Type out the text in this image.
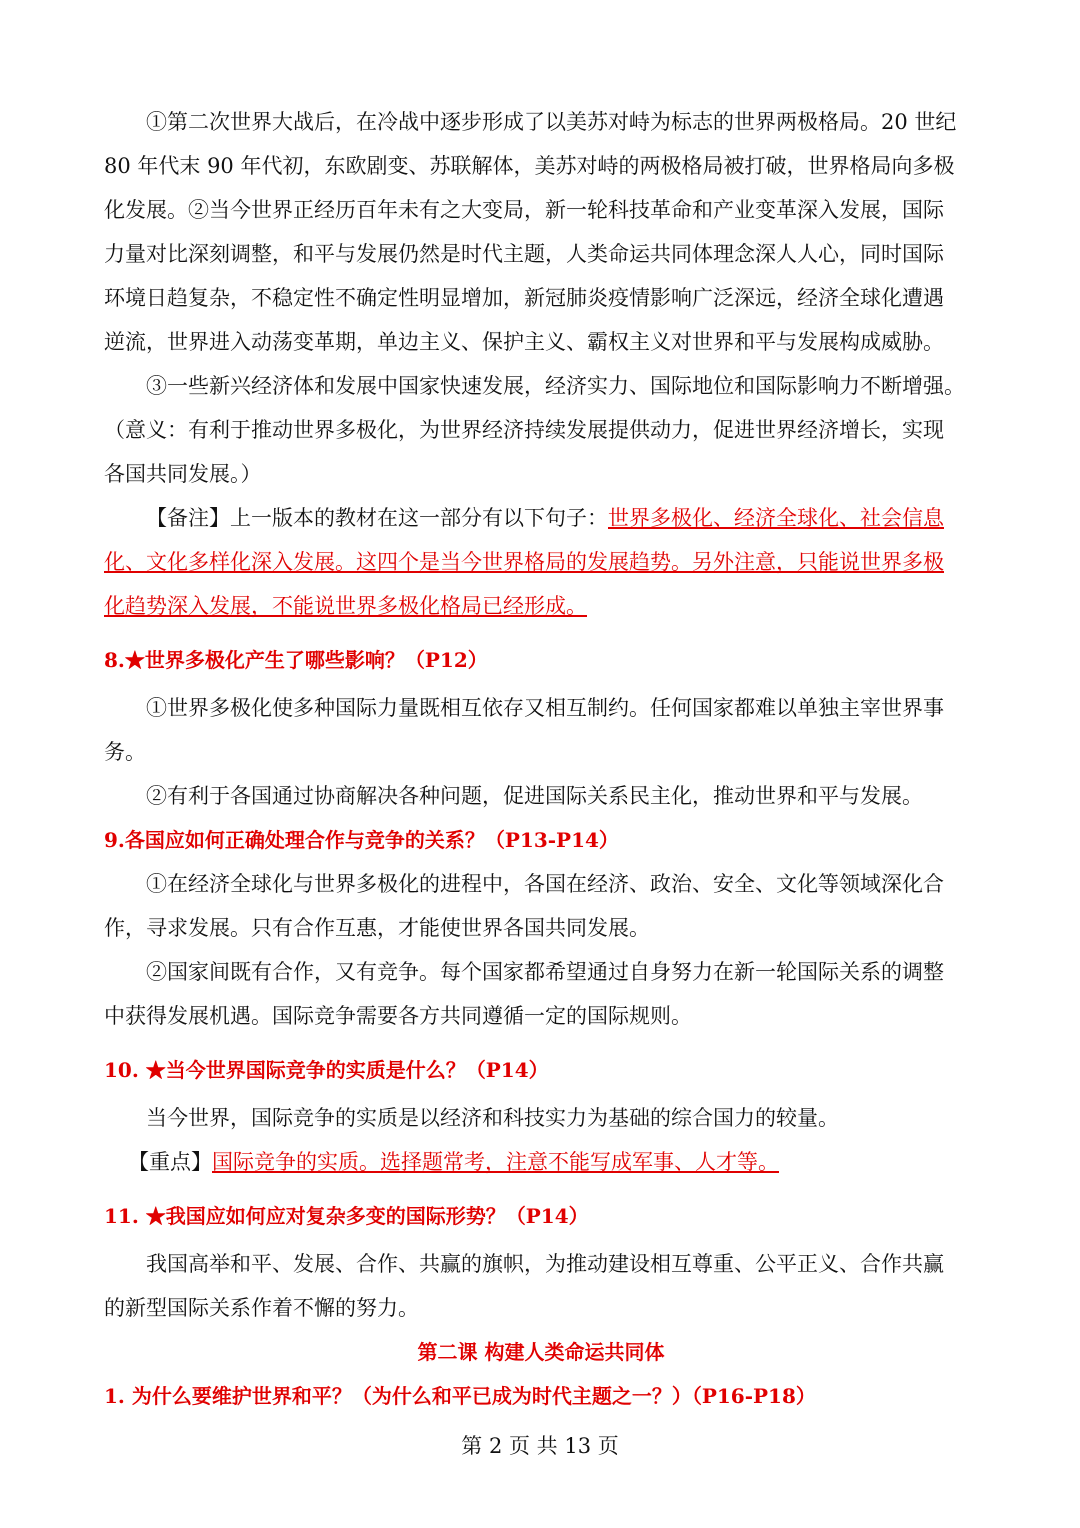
①第二次世界大战后，在冷战中逐步形成了以美苏对峙为标志的世界两极格局。20 世纪
80 年代末 90 年代初，东欧剧变、苏联解体，美苏对峙的两极格局被打破，世界格局向多极
化发展。②当今世界正经历百年未有之大变局，新一轮科技革命和产业变革深入发展，国际
力量对比深刻调整，和平与发展仍然是时代主题，人类命运共同体理念深人人心，同时国际
环境日趋复杂，不稳定性不确定性明显增加，新冠肺炎疫情影响广泛深远，经济全球化遭遇
逆流，世界进入动荡变革期，单边主义、保护主义、霸权主义对世界和平与发展构成威胁。
③一些新兴经济体和发展中国家快速发展，经济实力、国际地位和国际影响力不断增强。
（意义：有利于推动世界多极化，为世界经济持续发展提供动力，促进世界经济增长，实现
各国共同发展。）
【备注】上一版本的教材在这一部分有以下句子：世界多极化、经济全球化、社会信息
化、文化多样化深入发展。这四个是当今世界格局的发展趋势。另外注意，只能说世界多极
化趋势深入发展，不能说世界多极化格局已经形成。
8.★世界多极化产生了哪些影响？（P12）
①世界多极化使多种国际力量既相互依存又相互制约。任何国家都难以单独主宰世界事
务。
②有利于各国通过协商解决各种问题，促进国际关系民主化，推动世界和平与发展。
9.各国应如何正确处理合作与竞争的关系？（P13-P14）
①在经济全球化与世界多极化的进程中，各国在经济、政治、安全、文化等领域深化合
作，寻求发展。只有合作互惠，才能使世界各国共同发展。
②国家间既有合作，又有竞争。每个国家都希望通过自身努力在新一轮国际关系的调整
中获得发展机遇。国际竞争需要各方共同遵循一定的国际规则。
10. ★当今世界国际竞争的实质是什么？（P14）
当今世界，国际竞争的实质是以经济和科技实力为基础的综合国力的较量。
【重点】国际竞争的实质。选择题常考，注意不能写成军事、人才等。
11. ★我国应如何应对复杂多变的国际形势？（P14）
我国高举和平、发展、合作、共赢的旗帜，为推动建设相互尊重、公平正义、合作共赢
的新型国际关系作着不懈的努力。
第二课 构建人类命运共同体
1. 为什么要维护世界和平？（为什么和平已成为时代主题之一？）（P16-P18）
第 2 页 共 13 页
